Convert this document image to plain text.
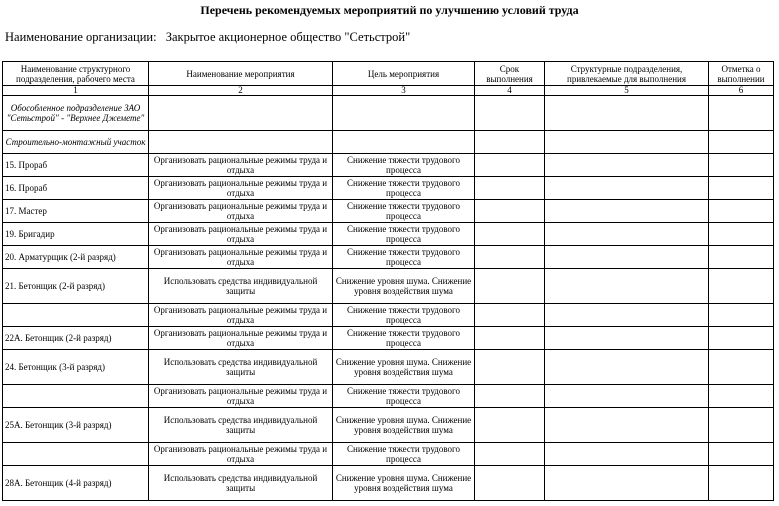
Перечень рекомендуемых мероприятий по улучшению условий труда
Наименование организации: Закрытое акционерное общество "Сетьстрой"
Наименование структурного подразделения, рабочего места	Наименование мероприятия	Цель мероприятия	Срок выполнения	Структурные подразделения, привлекаемые для выполнения	Отметка о выполнении
1	2	3	4	5	6
Обособленное подразделение ЗАО "Сетьстрой" - "Верхнее Джемете"					
Строительно-монтажный участок					
15. Прораб	Организовать рациональные режимы труда и отдыха	Снижение тяжести трудового процесса			
16. Прораб	Организовать рациональные режимы труда и отдыха	Снижение тяжести трудового процесса			
17. Мастер	Организовать рациональные режимы труда и отдыха	Снижение тяжести трудового процесса			
19. Бригадир	Организовать рациональные режимы труда и отдыха	Снижение тяжести трудового процесса			
20. Арматурщик (2-й разряд)	Организовать рациональные режимы труда и отдыха	Снижение тяжести трудового процесса			
21. Бетонщик (2-й разряд)	Использовать средства индивидуальной защиты	Снижение уровня шума. Снижение уровня воздействия шума			
	Организовать рациональные режимы труда и отдыха	Снижение тяжести трудового процесса			
22А. Бетонщик (2-й разряд)	Организовать рациональные режимы труда и отдыха	Снижение тяжести трудового процесса			
24. Бетонщик (3-й разряд)	Использовать средства индивидуальной защиты	Снижение уровня шума. Снижение уровня воздействия шума			
	Организовать рациональные режимы труда и отдыха	Снижение тяжести трудового процесса			
25А. Бетонщик (3-й разряд)	Использовать средства индивидуальной защиты	Снижение уровня шума. Снижение уровня воздействия шума			
	Организовать рациональные режимы труда и отдыха	Снижение тяжести трудового процесса			
28А. Бетонщик (4-й разряд)	Использовать средства индивидуальной защиты	Снижение уровня шума. Снижение уровня воздействия шума			
